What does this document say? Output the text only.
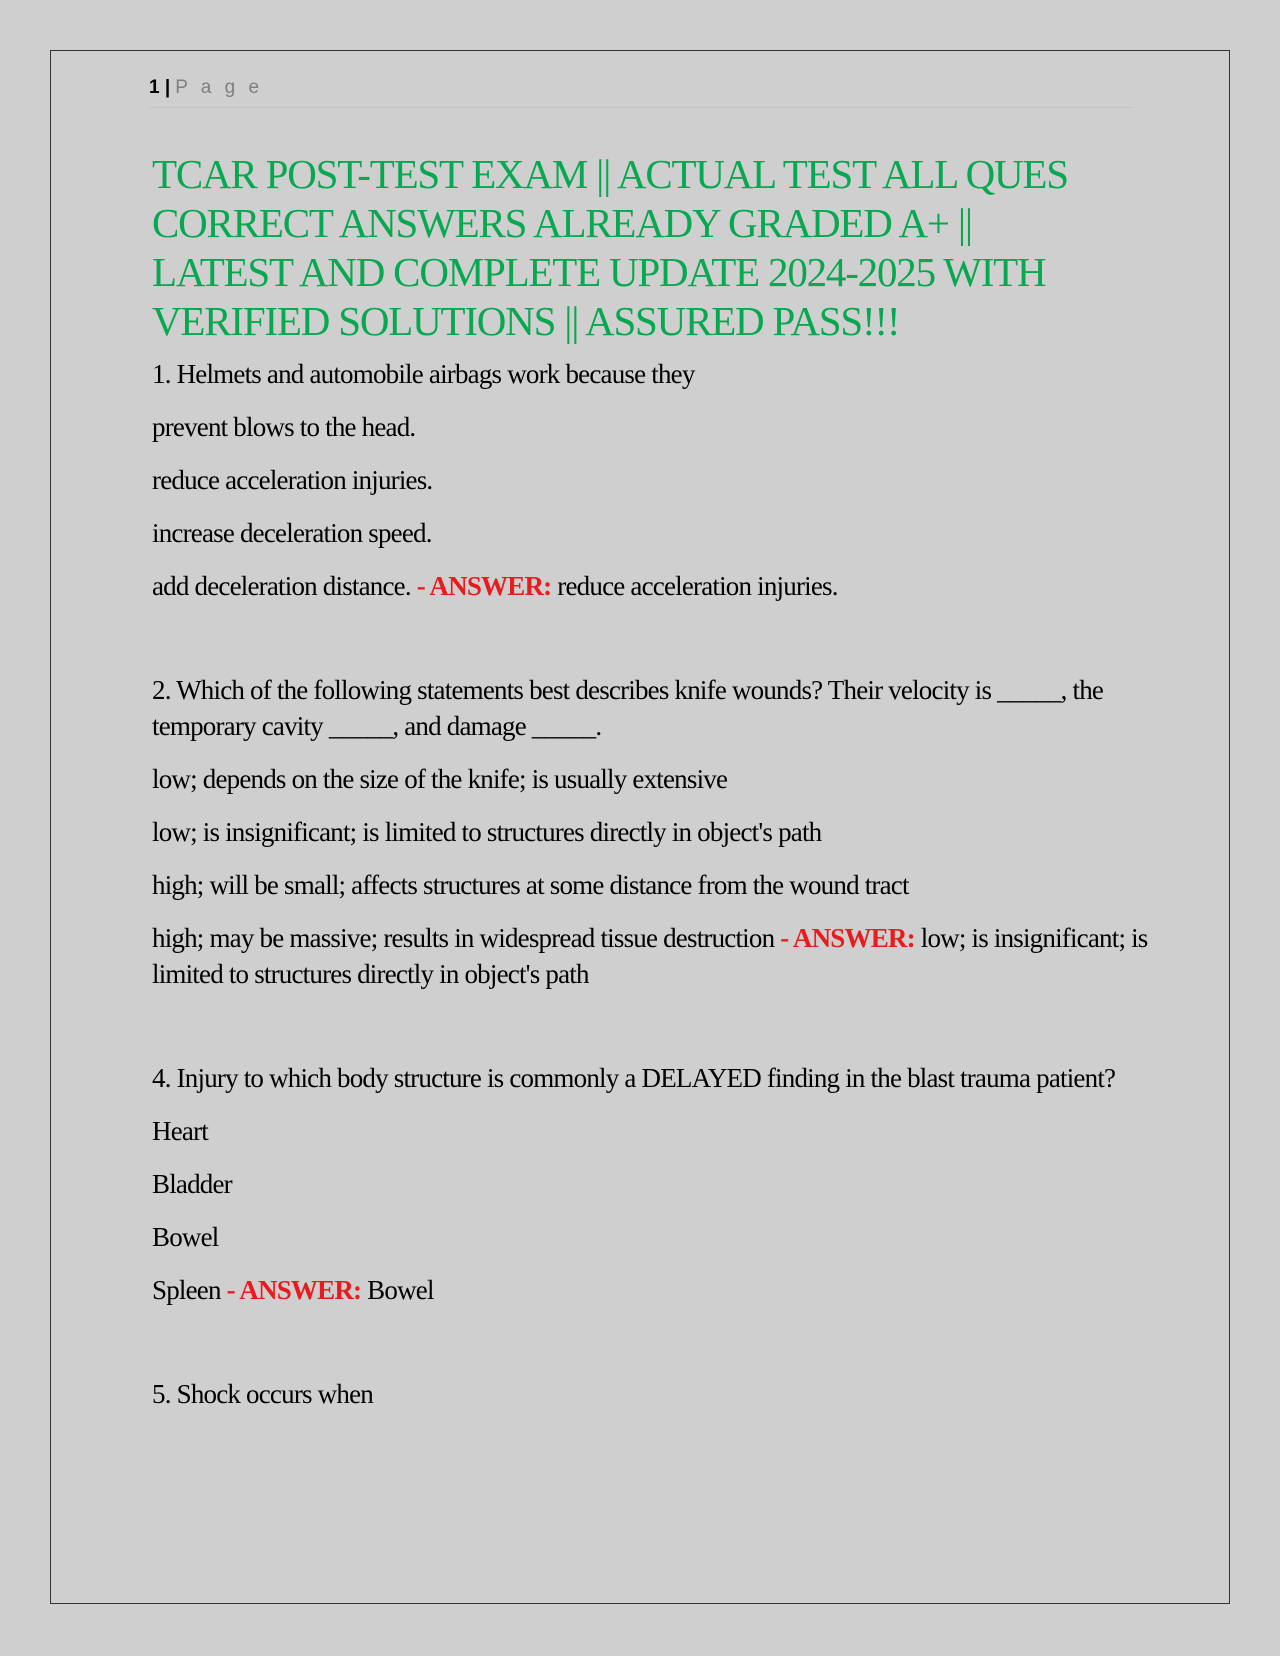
1 | P a g e
TCAR POST-TEST EXAM || ACTUAL TEST ALL QUES
CORRECT ANSWERS ALREADY GRADED A+ ||
LATEST AND COMPLETE UPDATE 2024-2025 WITH
VERIFIED SOLUTIONS || ASSURED PASS!!!

1. Helmets and automobile airbags work because they

prevent blows to the head.

reduce acceleration injuries.

increase deceleration speed.

add deceleration distance. - ANSWER: reduce acceleration injuries.

2. Which of the following statements best describes knife wounds? Their velocity is _____, the temporary cavity _____, and damage _____.

low; depends on the size of the knife; is usually extensive

low; is insignificant; is limited to structures directly in object's path

high; will be small; affects structures at some distance from the wound tract

high; may be massive; results in widespread tissue destruction - ANSWER: low; is insignificant; is limited to structures directly in object's path

4. Injury to which body structure is commonly a DELAYED finding in the blast trauma patient?

Heart

Bladder

Bowel

Spleen - ANSWER: Bowel

5. Shock occurs when
